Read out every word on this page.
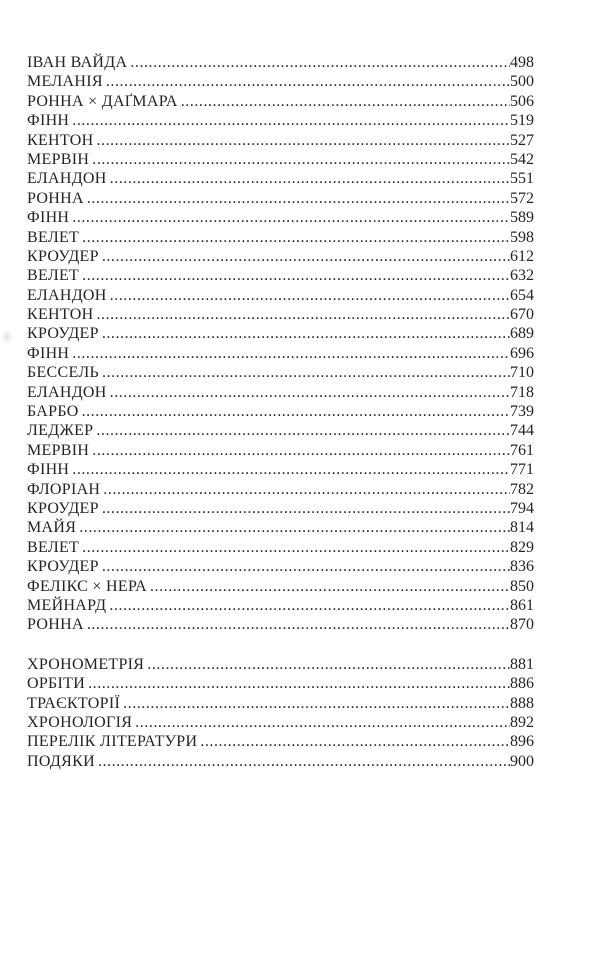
ІВАН ВАЙДА .....	498
МЕЛАНІЯ .....	500
РОННА × ДАҐМАРА .....	506
ФІНН .....	519
КЕНТОН .....	527
МЕРВІН .....	542
ЕЛАНДОН .....	551
РОННА .....	572
ФІНН .....	589
ВЕЛЕТ .....	598
КРОУДЕР .....	612
ВЕЛЕТ .....	632
ЕЛАНДОН .....	654
КЕНТОН .....	670
КРОУДЕР .....	689
ФІНН .....	696
БЕССЕЛЬ .....	710
ЕЛАНДОН .....	718
БАРБО .....	739
ЛЕДЖЕР .....	744
МЕРВІН .....	761
ФІНН .....	771
ФЛОРІАН .....	782
КРОУДЕР .....	794
МАЙЯ .....	814
ВЕЛЕТ .....	829
КРОУДЕР .....	836
ФЕЛІКС × НЕРА .....	850
МЕЙНАРД .....	861
РОННА .....	870
ХРОНОМЕТРІЯ .....	881
ОРБІТИ .....	886
ТРАЄКТОРІЇ .....	888
ХРОНОЛОГІЯ .....	892
ПЕРЕЛІК ЛІТЕРАТУРИ .....	896
ПОДЯКИ .....	900
